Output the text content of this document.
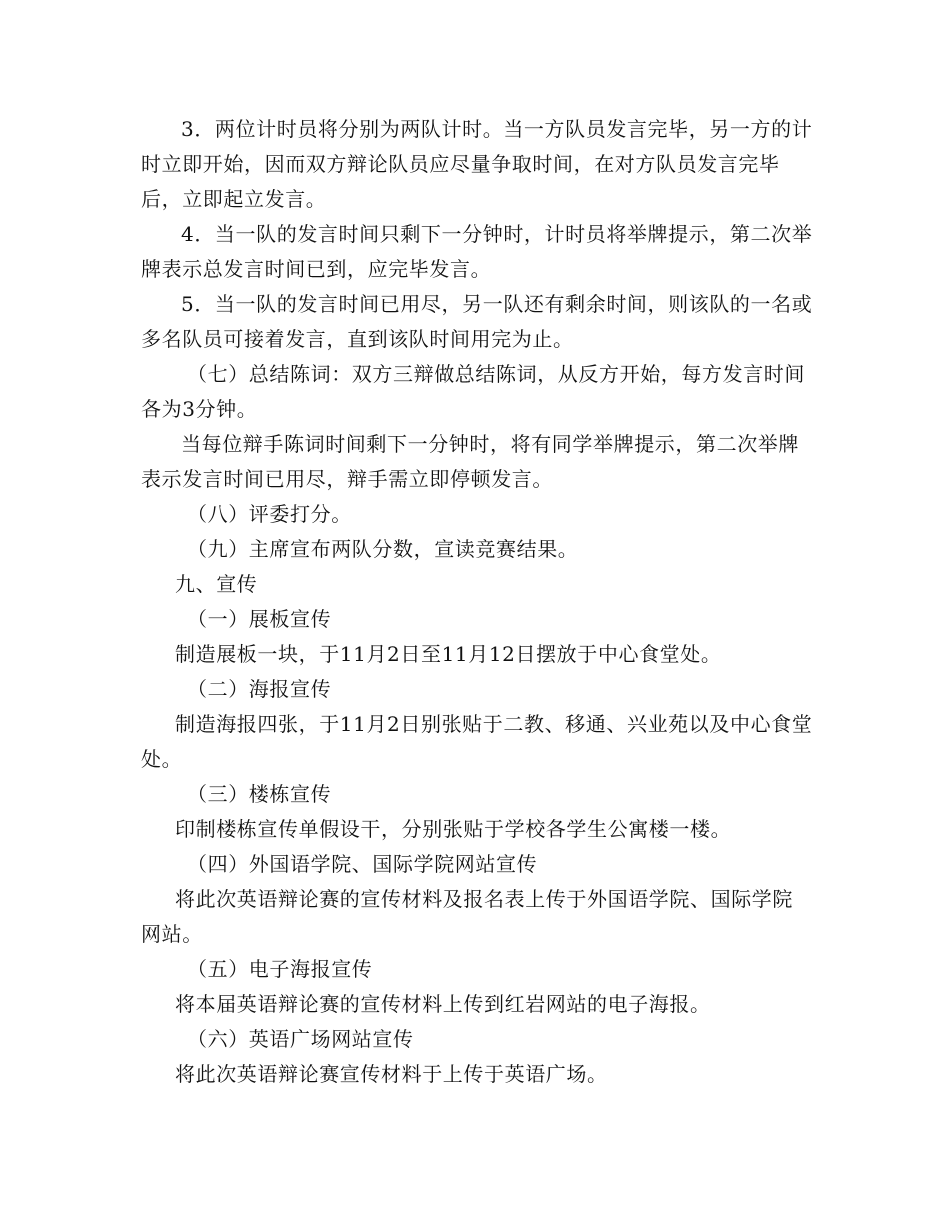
3．两位计时员将分别为两队计时。当一方队员发言完毕，另一方的计时立即开始，因而双方辩论队员应尽量争取时间，在对方队员发言完毕后，立即起立发言。

4．当一队的发言时间只剩下一分钟时，计时员将举牌提示，第二次举牌表示总发言时间已到，应完毕发言。

5．当一队的发言时间已用尽，另一队还有剩余时间，则该队的一名或多名队员可接着发言，直到该队时间用完为止。

（七）总结陈词：双方三辩做总结陈词，从反方开始，每方发言时间各为3分钟。

当每位辩手陈词时间剩下一分钟时，将有同学举牌提示，第二次举牌表示发言时间已用尽，辩手需立即停顿发言。

（八）评委打分。

（九）主席宣布两队分数，宣读竞赛结果。

九、宣传

（一）展板宣传

制造展板一块，于11月2日至11月12日摆放于中心食堂处。

（二）海报宣传

制造海报四张，于11月2日别张贴于二教、移通、兴业苑以及中心食堂处。

（三）楼栋宣传

印制楼栋宣传单假设干，分别张贴于学校各学生公寓楼一楼。

（四）外国语学院、国际学院网站宣传

将此次英语辩论赛的宣传材料及报名表上传于外国语学院、国际学院网站。

（五）电子海报宣传

将本届英语辩论赛的宣传材料上传到红岩网站的电子海报。

（六）英语广场网站宣传

将此次英语辩论赛宣传材料于上传于英语广场。
